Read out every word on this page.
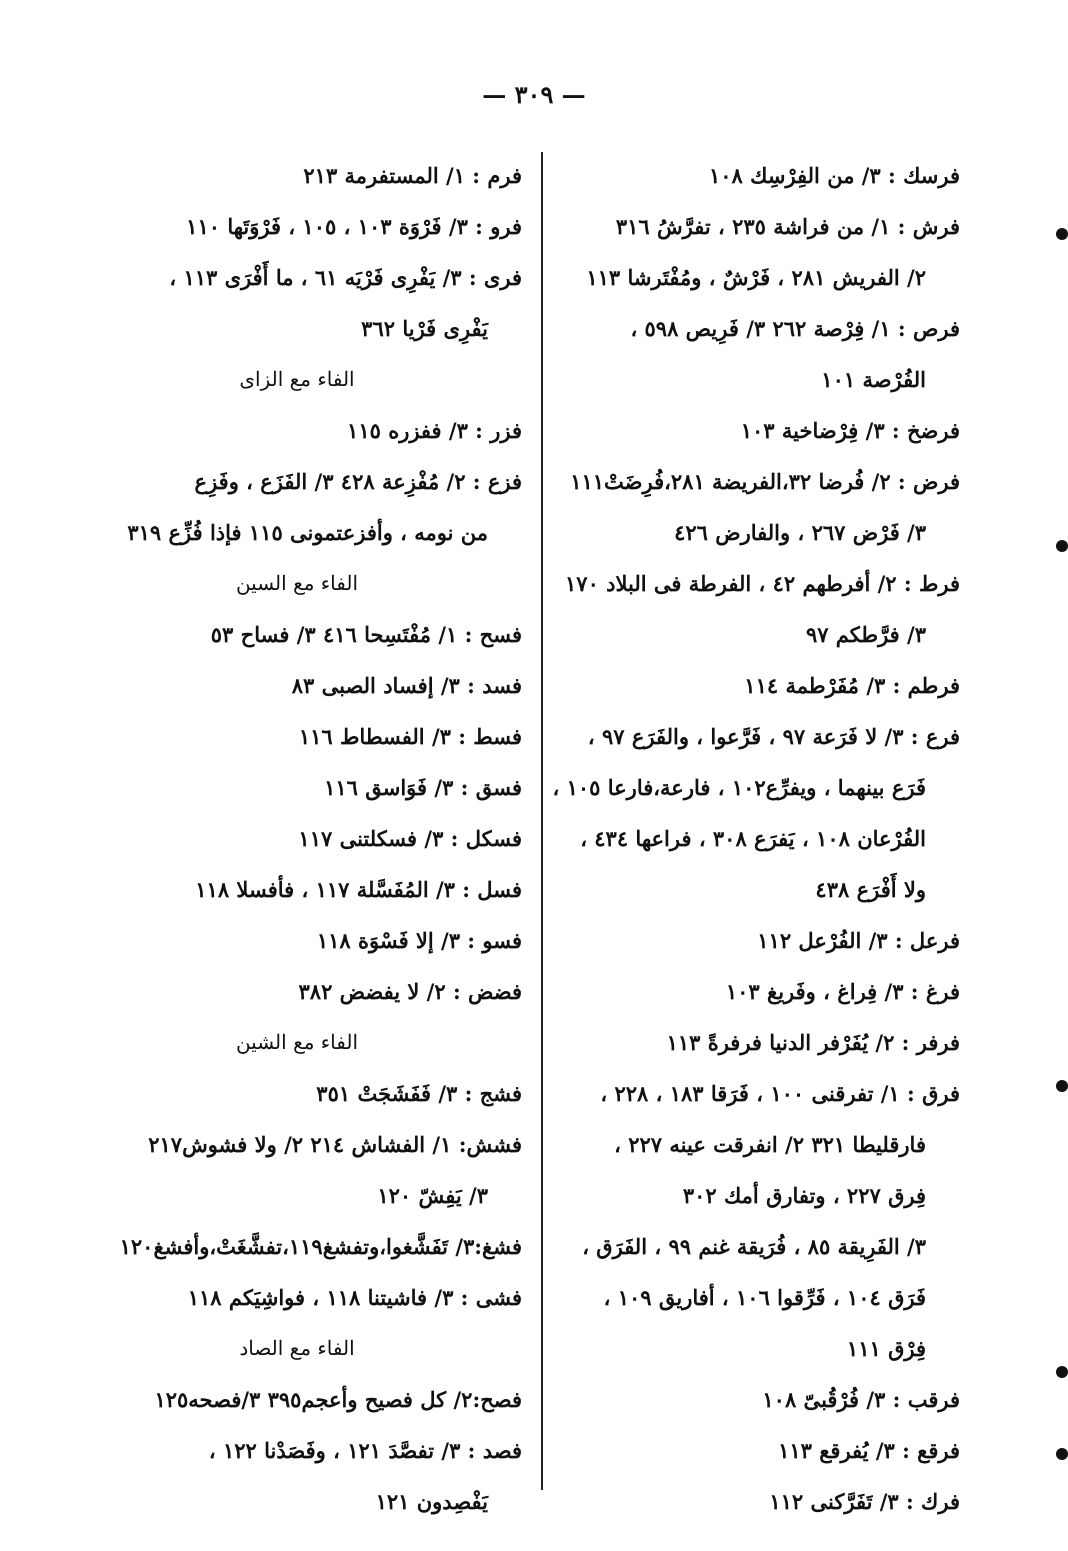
— ٣٠٩ —
فرسك : ٣/ من الفِرْسِك ١٠٨
فرش : ١/ من فراشة ٢٣٥ ، تفرَّشُ ٣١٦
٢/ الفريش ٢٨١ ، فَرْشٌ ، ومُفْتَرشا ١١٣
فرص : ١/ فِرْصة ٢٦٢ ٣/ فَرِيص ٥٩٨ ،
الفُرْصة ١٠١
فرضخ : ٣/ فِرْضاخية ١٠٣
فرض : ٢/ فُرضا ٣٢،الفريضة ٢٨١،فُرِضَتْ١١١
٣/ فَرْض ٢٦٧ ، والفارض ٤٢٦
فرط : ٢/ أفرطهم ٤٢ ، الفرطة فى البلاد ١٧٠
٣/ فرَّطكم ٩٧
فرطم : ٣/ مُفَرْطمة ١١٤
فرع : ٣/ لا فَرَعة ٩٧ ، فَرَّعوا ، والفَرَع ٩٧ ،
فَرَع بينهما ، ويفرِّع١٠٢ ، فارعة،فارعا ١٠٥ ،
الفُرْعان ١٠٨ ، يَفرَع ٣٠٨ ، فراعها ٤٣٤ ،
ولا أَفْرَع ٤٣٨
فرعل : ٣/ الفُرْعل ١١٢
فرغ : ٣/ فِراغ ، وفَريغ ١٠٣
فرفر : ٢/ يُفَرْفر الدنيا فرفرةً ١١٣
فرق : ١/ تفرقنى ١٠٠ ، فَرَقا ١٨٣ ، ٢٢٨ ،
فارقليطا ٣٢١ ٢/ انفرقت عينه ٢٢٧ ،
فِرق ٢٢٧ ، وتفارق أمك ٣٠٢
٣/ الفَرِيقة ٨٥ ، فُرَيقة غنم ٩٩ ، الفَرَق ،
فَرَق ١٠٤ ، فَرِّقوا ١٠٦ ، أفاريق ١٠٩ ،
فِرْق ١١١
فرقب : ٣/ فُرْقُبىّ ١٠٨
فرقع : ٣/ يُفرقع ١١٣
فرك : ٣/ تَفَرَّكنى ١١٢
فرم : ١/ المستفرمة ٢١٣
فرو : ٣/ فَرْوَة ١٠٣ ، ١٠٥ ، فَرْوَتَها ١١٠
فرى : ٣/ يَفْرِى فَرْيَه ٦١ ، ما أَفْرَى ١١٣ ،
يَفْرِى فَرْيا ٣٦٢
الفاء مع الزاى
فزر : ٣/ ففزره ١١٥
فزع : ٢/ مُفْزِعة ٤٢٨ ٣/ الفَزَع ، وفَزِع
من نومه ، وأفزعتمونى ١١٥ فإذا فُزِّع ٣١٩
الفاء مع السين
فسح : ١/ مُفْتَسِحا ٤١٦ ٣/ فساح ٥٣
فسد : ٣/ إفساد الصبى ٨٣
فسط : ٣/ الفسطاط ١١٦
فسق : ٣/ فَوَاسق ١١٦
فسكل : ٣/ فسكلتنى ١١٧
فسل : ٣/ المُفَسَّلة ١١٧ ، فأفسلا ١١٨
فسو : ٣/ إلا فَسْوَة ١١٨
فضض : ٢/ لا يفضض ٣٨٢
الفاء مع الشين
فشج : ٣/ فَفَشَجَتْ ٣٥١
فشش: ١/ الفشاش ٢١٤ ٢/ ولا فشوش٢١٧
٣/ يَفِشّ ١٢٠
فشغ:٣/ تَفَشَّغوا،وتفشغ١١٩،تفشَّغَتْ،وأفشغ١٢٠
فشى : ٣/ فاشيتنا ١١٨ ، فواشِيَكم ١١٨
الفاء مع الصاد
فصح:٢/ كل فصيح وأعجم٣٩٥ ٣/فصحه١٢٥
فصد : ٣/ تفصَّدَ ١٢١ ، وفَصَدْنا ١٢٢ ،
يَفْصِدون ١٢١
